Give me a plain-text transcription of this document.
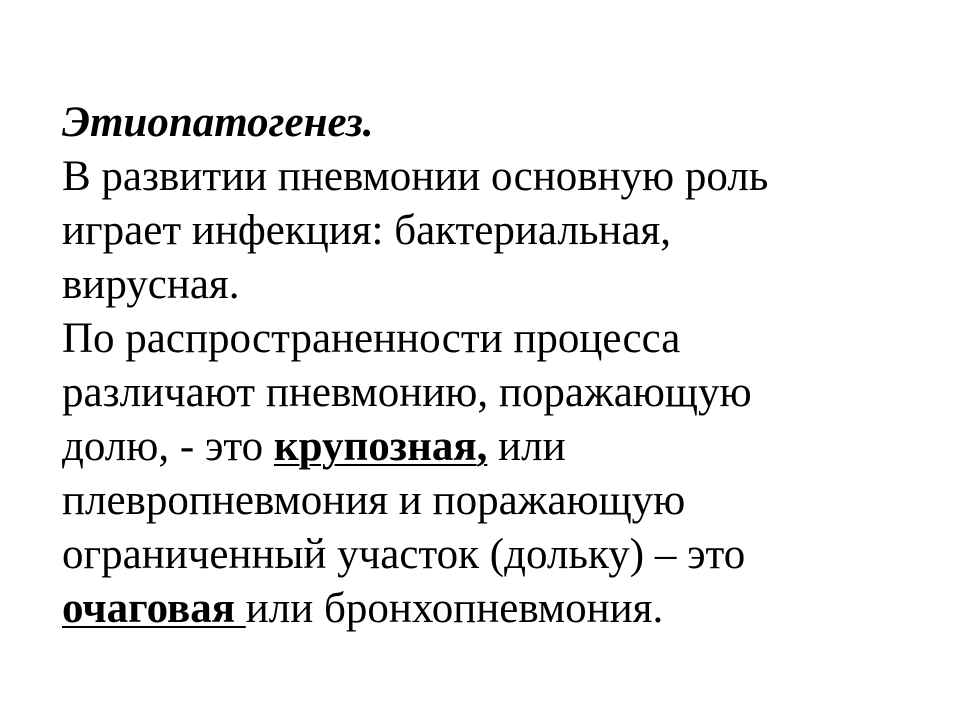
Этиопатогенез.
В развитии пневмонии основную роль
играет инфекция: бактериальная,
вирусная.
По распространенности процесса
различают пневмонию, поражающую
долю, - это крупозная, или
плевропневмония и поражающую
ограниченный участок (дольку) – это
очаговая или бронхопневмония.
